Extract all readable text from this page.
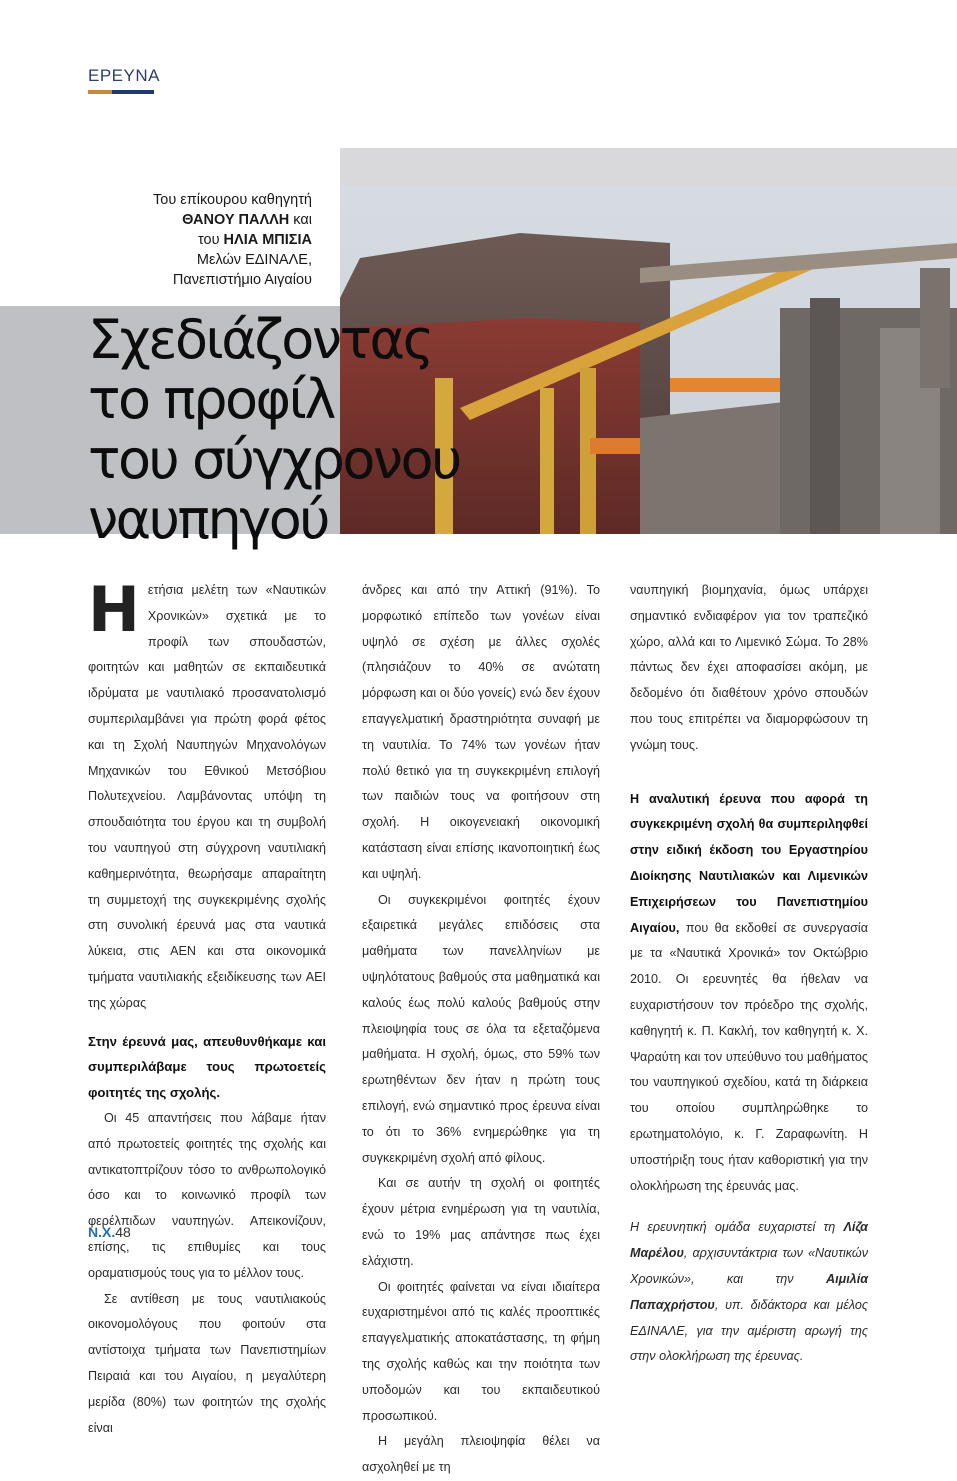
ΕΡΕΥΝΑ
Του επίκουρου καθηγητή
ΘΑΝΟΥ ΠΑΛΛΗ και
του ΗΛΙΑ ΜΠΙΣΙΑ
Μελών ΕΔΙΝΑΛΕ,
Πανεπιστήμιο Αιγαίου
Σχεδιάζοντας
το προφίλ
του σύγχρονου
ναυπηγού

Ηετήσια μελέτη των «Ναυτικών Χρονικών» σχετικά με το προφίλ των σπουδαστών, φοιτητών και μαθητών σε εκπαιδευτικά ιδρύματα με ναυτιλιακό προσανατολισμό συμπεριλαμβάνει για πρώτη φορά φέτος και τη Σχολή Ναυπηγών Μηχανολόγων Μηχανικών του Εθνικού Μετσόβιου Πολυτεχνείου. Λαμβάνοντας υπόψη τη σπουδαιότητα του έργου και τη συμβολή του ναυπηγού στη σύγχρονη ναυτιλιακή καθημερινότητα, θεωρήσαμε απαραίτητη τη συμμετοχή της συγκεκριμένης σχολής στη συνολική έρευνά μας στα ναυτικά λύκεια, στις ΑΕΝ και στα οικονομικά τμήματα ναυτιλιακής εξειδίκευσης των ΑΕΙ της χώρας

Στην έρευνά μας, απευθυνθήκαμε και συμπεριλάβαμε τους πρωτοετείς φοιτητές της σχολής.

Οι 45 απαντήσεις που λάβαμε ήταν από πρωτοετείς φοιτητές της σχολής και αντικατοπτρίζουν τόσο το ανθρωπολογικό όσο και το κοινωνικό προφίλ των φερέλπιδων ναυπηγών. Απεικονίζουν, επίσης, τις επιθυμίες και τους οραματισμούς τους για το μέλλον τους.

Σε αντίθεση με τους ναυτιλιακούς οικονομολόγους που φοιτούν στα αντίστοιχα τμήματα των Πανεπιστημίων Πειραιά και του Αιγαίου, η μεγαλύτερη μερίδα (80%) των φοιτητών της σχολής είναι

άνδρες και από την Αττική (91%). Το μορφωτικό επίπεδο των γονέων είναι υψηλό σε σχέση με άλλες σχολές (πλησιάζουν το 40% σε ανώτατη μόρφωση και οι δύο γονείς) ενώ δεν έχουν επαγγελματική δραστηριότητα συναφή με τη ναυτιλία. Το 74% των γονέων ήταν πολύ θετικό για τη συγκεκριμένη επιλογή των παιδιών τους να φοιτήσουν στη σχολή. Η οικογενειακή οικονομική κατάσταση είναι επίσης ικανοποιητική έως και υψηλή.

Οι συγκεκριμένοι φοιτητές έχουν εξαιρετικά μεγάλες επιδόσεις στα μαθήματα των πανελληνίων με υψηλότατους βαθμούς στα μαθηματικά και καλούς έως πολύ καλούς βαθμούς στην πλειοψηφία τους σε όλα τα εξεταζόμενα μαθήματα. Η σχολή, όμως, στο 59% των ερωτηθέντων δεν ήταν η πρώτη τους επιλογή, ενώ σημαντικό προς έρευνα είναι το ότι το 36% ενημερώθηκε για τη συγκεκριμένη σχολή από φίλους.

Και σε αυτήν τη σχολή οι φοιτητές έχουν μέτρια ενημέρωση για τη ναυτιλία, ενώ το 19% μας απάντησε πως έχει ελάχιστη.

Οι φοιτητές φαίνεται να είναι ιδιαίτερα ευχαριστημένοι από τις καλές προοπτικές επαγγελματικής αποκατάστασης, τη φήμη της σχολής καθώς και την ποιότητα των υποδομών και του εκπαιδευτικού προσωπικού.

Η μεγάλη πλειοψηφία θέλει να ασχοληθεί με τη

ναυπηγική βιομηχανία, όμως υπάρχει σημαντικό ενδιαφέρον για τον τραπεζικό χώρο, αλλά και το Λιμενικό Σώμα. Το 28% πάντως δεν έχει αποφασίσει ακόμη, με δεδομένο ότι διαθέτουν χρόνο σπουδών που τους επιτρέπει να διαμορφώσουν τη γνώμη τους.

Η αναλυτική έρευνα που αφορά τη συγκεκριμένη σχολή θα συμπεριληφθεί στην ειδική έκδοση του Εργαστηρίου Διοίκησης Ναυτιλιακών και Λιμενικών Επιχειρήσεων του Πανεπιστημίου Αιγαίου, που θα εκδοθεί σε συνεργασία με τα «Ναυτικά Χρονικά» τον Οκτώβριο 2010. Οι ερευνητές θα ήθελαν να ευχαριστήσουν τον πρόεδρο της σχολής, καθηγητή κ. Π. Κακλή, τον καθηγητή κ. Χ. Ψαραύτη και τον υπεύθυνο του μαθήματος του ναυπηγικού σχεδίου, κατά τη διάρκεια του οποίου συμπληρώθηκε το ερωτηματολόγιο, κ. Γ. Ζαραφωνίτη. Η υποστήριξη τους ήταν καθοριστική για την ολοκλήρωση της έρευνάς μας.

Η ερευνητική ομάδα ευχαριστεί τη Λίζα Μαρέλου, αρχισυντάκτρια των «Ναυτικών Χρονικών», και την Αιμιλία Παπαχρήστου, υπ. διδάκτορα και μέλος ΕΔΙΝΑΛΕ, για την αμέριστη αρωγή της στην ολοκλήρωση της έρευνας.

Ν.Χ.48
